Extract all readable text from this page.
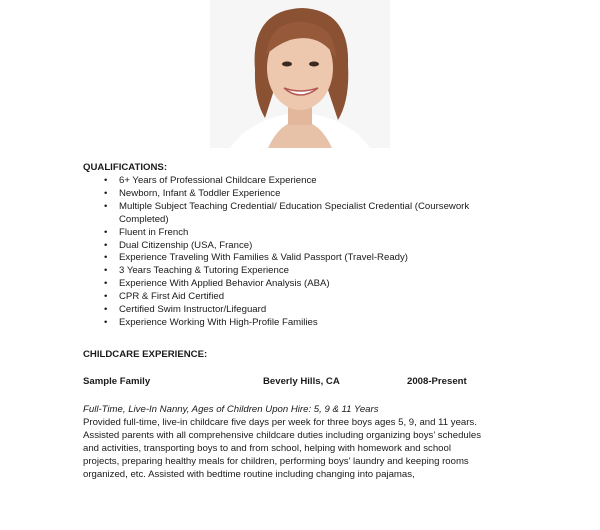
QUALIFICATIONS:
• 6+ Years of Professional Childcare Experience
• Newborn, Infant & Toddler Experience
• Multiple Subject Teaching Credential/ Education Specialist Credential (Coursework
Completed)
• Fluent in French
• Dual Citizenship (USA, France)
• Experience Traveling With Families & Valid Passport (Travel-Ready)
• 3 Years Teaching & Tutoring Experience
• Experience With Applied Behavior Analysis (ABA)
• CPR & First Aid Certified
• Certified Swim Instructor/Lifeguard
• Experience Working With High-Profile Families
CHILDCARE EXPERIENCE:
Sample Family	Beverly Hills, CA	2008-Present
Full-Time, Live-In Nanny, Ages of Children Upon Hire: 5, 9 & 11 Years
Provided full-time, live-in childcare five days per week for three boys ages 5, 9, and 11 years.
Assisted parents with all comprehensive childcare duties including organizing boys’ schedules
and activities, transporting boys to and from school, helping with homework and school
projects, preparing healthy meals for children, performing boys’ laundry and keeping rooms
organized, etc. Assisted with bedtime routine including changing into pajamas,
